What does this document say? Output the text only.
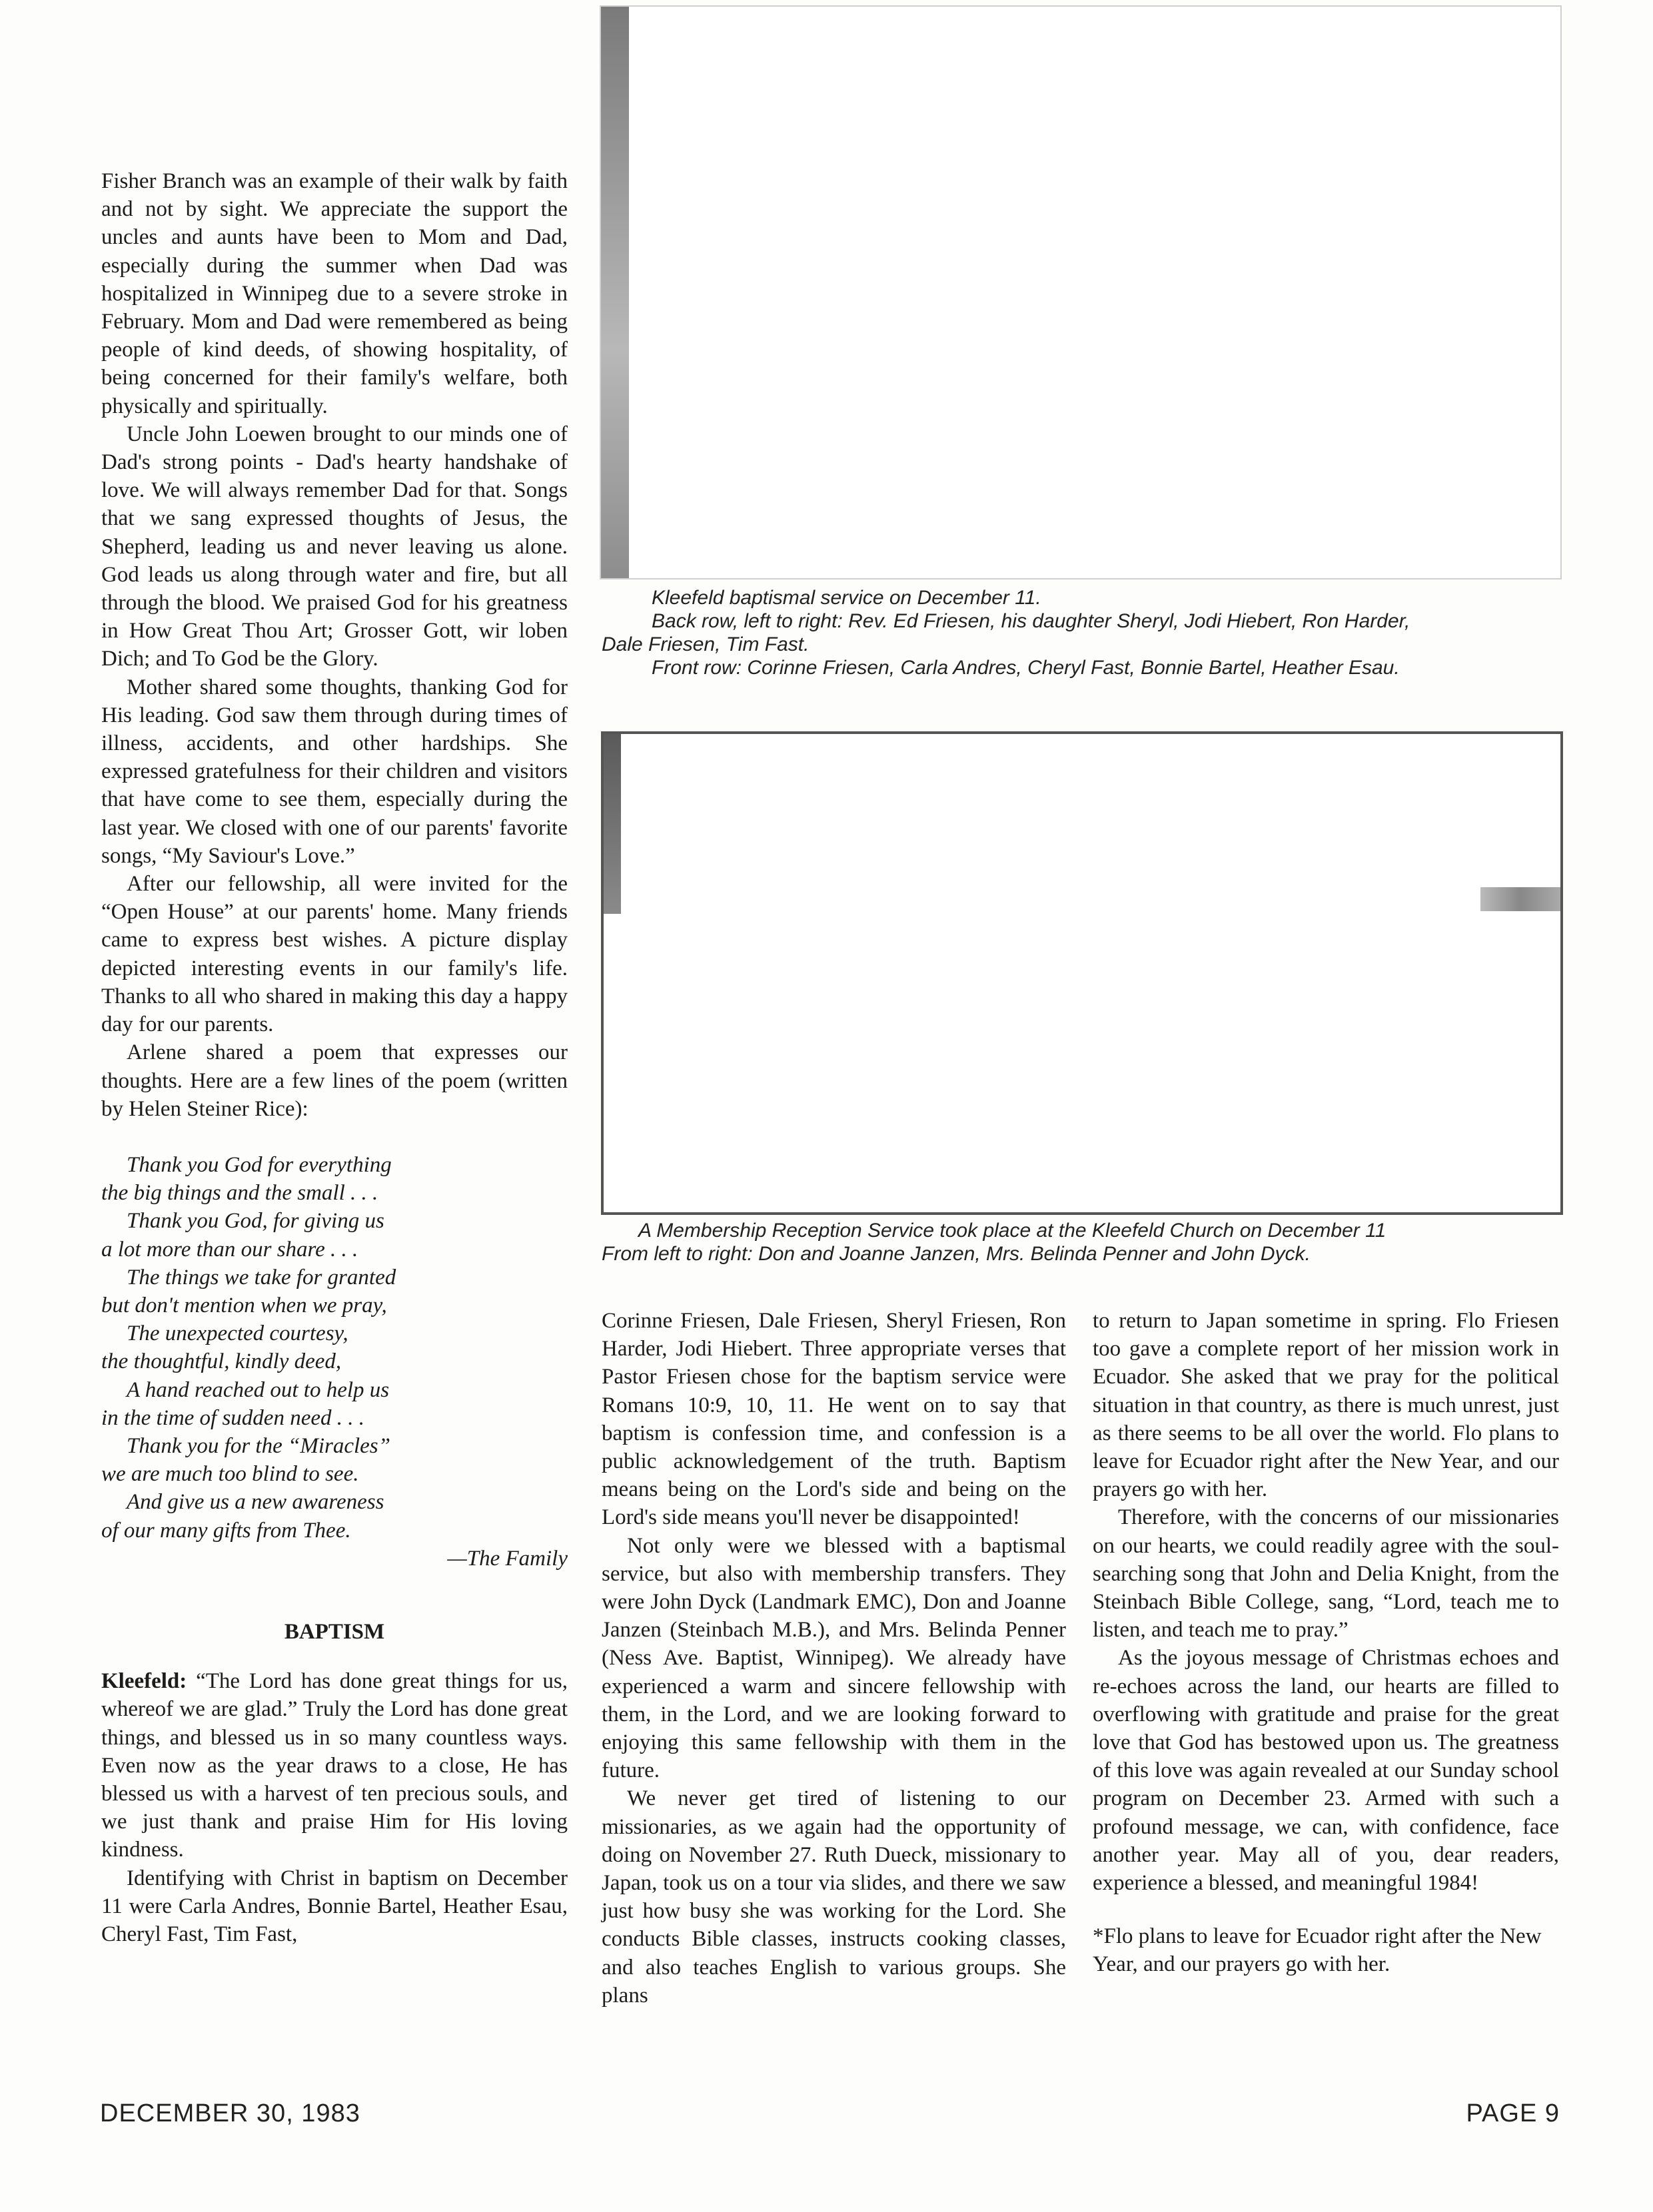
Fisher Branch was an example of their walk by faith and not by sight. We appreciate the support the uncles and aunts have been to Mom and Dad, especially during the summer when Dad was hospitalized in Winnipeg due to a severe stroke in February. Mom and Dad were remembered as being people of kind deeds, of showing hospitality, of being concerned for their family's welfare, both physically and spiritually.

Uncle John Loewen brought to our minds one of Dad's strong points - Dad's hearty handshake of love. We will always remember Dad for that. Songs that we sang expressed thoughts of Jesus, the Shepherd, leading us and never leaving us alone. God leads us along through water and fire, but all through the blood. We praised God for his greatness in How Great Thou Art; Grosser Gott, wir loben Dich; and To God be the Glory.

Mother shared some thoughts, thanking God for His leading. God saw them through during times of illness, accidents, and other hardships. She expressed gratefulness for their children and visitors that have come to see them, especially during the last year. We closed with one of our parents' favorite songs, “My Saviour's Love.”

After our fellowship, all were invited for the “Open House” at our parents' home. Many friends came to express best wishes. A picture display depicted interesting events in our family's life. Thanks to all who shared in making this day a happy day for our parents.

Arlene shared a poem that expresses our thoughts. Here are a few lines of the poem (written by Helen Steiner Rice):

Thank you God for everything
the big things and the small . . .
Thank you God, for giving us
a lot more than our share . . .
The things we take for granted
but don't mention when we pray,
The unexpected courtesy,
the thoughtful, kindly deed,
A hand reached out to help us
in the time of sudden need . . .
Thank you for the “Miracles”
we are much too blind to see.
And give us a new awareness
of our many gifts from Thee.

—The Family

BAPTISM

Kleefeld: “The Lord has done great things for us, whereof we are glad.” Truly the Lord has done great things, and blessed us in so many countless ways. Even now as the year draws to a close, He has blessed us with a harvest of ten precious souls, and we just thank and praise Him for His loving kindness.

Identifying with Christ in baptism on December 11 were Carla Andres, Bonnie Bartel, Heather Esau, Cheryl Fast, Tim Fast,

Kleefeld baptismal service on December 11.
Back row, left to right: Rev. Ed Friesen, his daughter Sheryl, Jodi Hiebert, Ron Harder,
Dale Friesen, Tim Fast.
Front row: Corinne Friesen, Carla Andres, Cheryl Fast, Bonnie Bartel, Heather Esau.
A Membership Reception Service took place at the Kleefeld Church on December 11
From left to right: Don and Joanne Janzen, Mrs. Belinda Penner and John Dyck.

Corinne Friesen, Dale Friesen, Sheryl Friesen, Ron Harder, Jodi Hiebert. Three appropriate verses that Pastor Friesen chose for the baptism service were Romans 10:9, 10, 11. He went on to say that baptism is confession time, and confession is a public acknowledgement of the truth. Baptism means being on the Lord's side and being on the Lord's side means you'll never be disappointed!

Not only were we blessed with a baptismal service, but also with membership transfers. They were John Dyck (Landmark EMC), Don and Joanne Janzen (Steinbach M.B.), and Mrs. Belinda Penner (Ness Ave. Baptist, Winnipeg). We already have experienced a warm and sincere fellowship with them, in the Lord, and we are looking forward to enjoying this same fellowship with them in the future.

We never get tired of listening to our missionaries, as we again had the opportunity of doing on November 27. Ruth Dueck, missionary to Japan, took us on a tour via slides, and there we saw just how busy she was working for the Lord. She conducts Bible classes, instructs cooking classes, and also teaches English to various groups. She plans

to return to Japan sometime in spring. Flo Friesen too gave a complete report of her mission work in Ecuador. She asked that we pray for the political situation in that country, as there is much unrest, just as there seems to be all over the world. Flo plans to leave for Ecuador right after the New Year, and our prayers go with her.

Therefore, with the concerns of our missionaries on our hearts, we could readily agree with the soul-searching song that John and Delia Knight, from the Steinbach Bible College, sang, “Lord, teach me to listen, and teach me to pray.”

As the joyous message of Christmas echoes and re-echoes across the land, our hearts are filled to overflowing with gratitude and praise for the great love that God has bestowed upon us. The greatness of this love was again revealed at our Sunday school program on December 23. Armed with such a profound message, we can, with confidence, face another year. May all of you, dear readers, experience a blessed, and meaningful 1984!

*Flo plans to leave for Ecuador right after the New Year, and our prayers go with her.

DECEMBER 30, 1983	PAGE 9
